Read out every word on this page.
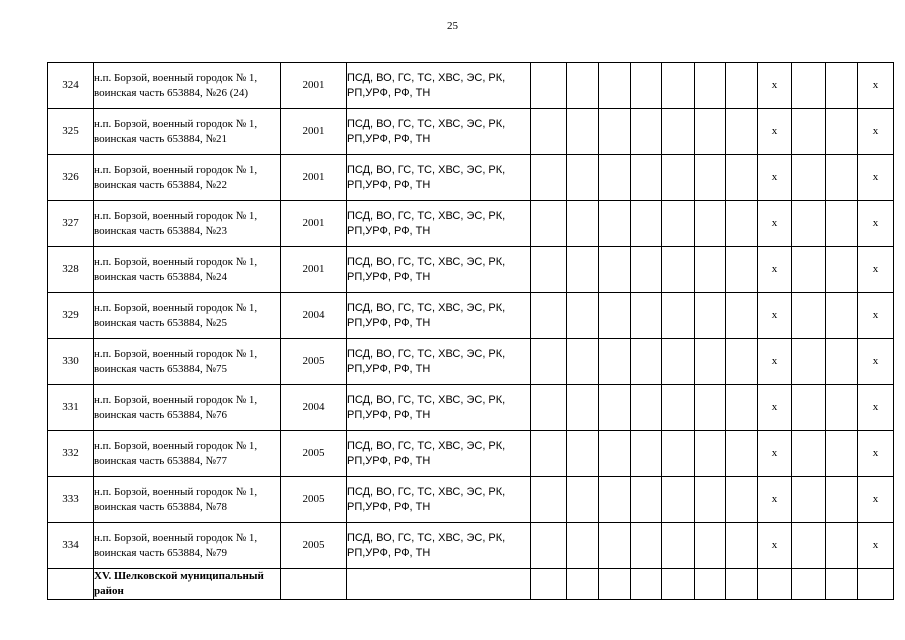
25
324	н.п. Борзой, военный городок № 1, воинская часть 653884, №26 (24)	2001	ПСД, ВО, ГС, ТС, ХВС, ЭС, РК, РП,УРФ, РФ, ТН								x			x
325	н.п. Борзой, военный городок № 1, воинская часть 653884, №21	2001	ПСД, ВО, ГС, ТС, ХВС, ЭС, РК, РП,УРФ, РФ, ТН								x			x
326	н.п. Борзой, военный городок № 1, воинская часть 653884, №22	2001	ПСД, ВО, ГС, ТС, ХВС, ЭС, РК, РП,УРФ, РФ, ТН								x			x
327	н.п. Борзой, военный городок № 1, воинская часть 653884, №23	2001	ПСД, ВО, ГС, ТС, ХВС, ЭС, РК, РП,УРФ, РФ, ТН								x			x
328	н.п. Борзой, военный городок № 1, воинская часть 653884, №24	2001	ПСД, ВО, ГС, ТС, ХВС, ЭС, РК, РП,УРФ, РФ, ТН								x			x
329	н.п. Борзой, военный городок № 1, воинская часть 653884, №25	2004	ПСД, ВО, ГС, ТС, ХВС, ЭС, РК, РП,УРФ, РФ, ТН								x			x
330	н.п. Борзой, военный городок № 1, воинская часть 653884, №75	2005	ПСД, ВО, ГС, ТС, ХВС, ЭС, РК, РП,УРФ, РФ, ТН								x			x
331	н.п. Борзой, военный городок № 1, воинская часть 653884, №76	2004	ПСД, ВО, ГС, ТС, ХВС, ЭС, РК, РП,УРФ, РФ, ТН								x			x
332	н.п. Борзой, военный городок № 1, воинская часть 653884, №77	2005	ПСД, ВО, ГС, ТС, ХВС, ЭС, РК, РП,УРФ, РФ, ТН								x			x
333	н.п. Борзой, военный городок № 1, воинская часть 653884, №78	2005	ПСД, ВО, ГС, ТС, ХВС, ЭС, РК, РП,УРФ, РФ, ТН								x			x
334	н.п. Борзой, военный городок № 1, воинская часть 653884, №79	2005	ПСД, ВО, ГС, ТС, ХВС, ЭС, РК, РП,УРФ, РФ, ТН								x			x
	XV. Шелковской муниципальный район													
